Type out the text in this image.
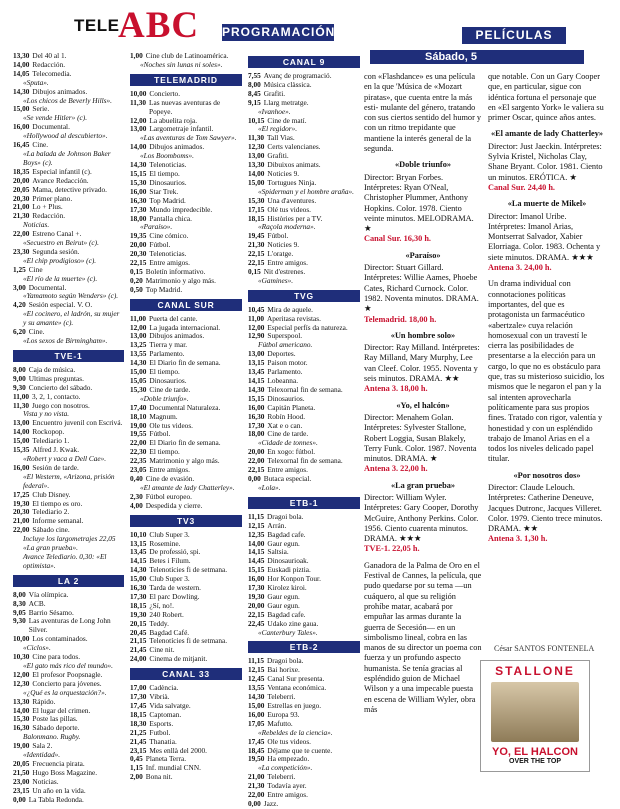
TELE
ABC PROGRAMACIÓN	PELÍCULAS
13,30 Del 40 al 1.
14,00 Redacción.
14,05 Telecomedia.
«Sputa».
14,30 Dibujos animados.
«Los chicos de Beverly Hills».
15,00 Serie.
«Se vende Hitler» (c).
16,00 Documental.
«Hollywood al descubierto».
16,45 Cine.
«La balada de Johnson Baker Boys» (c).
18,35 Especial infantil (c).
20,00 Avance Redacción.
20,05 Mama, detective privado.
20,30 Primer plano.
21,00 Lo + Plus.
21,30 Redacción.
Noticias.
22,00 Estreno Canal +.
«Secuestro en Beirut» (c).
23,30 Segunda sesión.
«El chip prodigioso» (c).
1,25 Cine
«El río de la muerte» (c).
3,00 Documental.
«Yamamoto según Wenders» (c).
4,20 Sesión especial. V. O.
«El cocinero, el ladrón, su mujer y su amante» (c).
6,20 Cine.
«Los sexos de Birmingham».
TVE-1
8,00 Caja de música.
9,00 Ultimas preguntas.
9,30 Concierto del sábado.
11,00 3, 2, 1, contacto.
11,30 Juego con nosotros.
Vista y no vista.
13,00 Encuentro juvenil con Escrivá.
14,00 Rockopop.
15,00 Telediario 1.
15,35 Alfred J. Kwak.
«Robert y vaca a Dell Cae».
16,00 Sesión de tarde.
«El Westerm, «Arizona, prisión federal».
17,25 Club Disney.
19,30 El tiempo es oro.
20,30 Telediario 2.
21,00 Informe semanal.
22,00 Sábado cine.
Incluye los largometrajes 22,05 «La gran prueba».
Avance Telediario. 0,30: «El optimista».
LA 2
8,00 Vía olímpica.
8,30 ACB.
9,05 Barrio Sésamo.
9,30 Las aventuras de Long John Silver.
10,00 Los contaminados.
«Ciclos».
10,30 Cine para todos.
«El gato más rico del mundo».
12,00 El profesor Poopsnagle.
12,30 Concierto para jóvenes.
«¿Qué es la orquestación?».
13,30 Rápido.
14,00 El lugar del crimen.
15,30 Poste las pillas.
16,30 Sábado deporte.
Balonmano. Rugby.
19,00 Sala 2.
«Identidad».
20,05 Frecuencia pirata.
21,50 Hugo Boss Magazine.
23,00 Noticias.
23,15 Un año en la vida.
0,00 La Tabla Redonda.
1,00 Cine club de Latinoamérica.
«Noches sin lunas ni soles».
TELEMADRID
10,00 Concierto.
11,30 Las nuevas aventuras de Popeye.
12,00 La abuelita roja.
13,00 Largometraje infantil.
«Las aventuras de Tom Sawyer».
14,00 Dibujos animados.
«Los Boomboms».
14,30 Telenoticias.
15,15 El tiempo.
15,30 Dinosaurios.
16,00 Star Trek.
16,30 Top Madrid.
17,30 Mundo impredecible.
18,00 Pantalla chica.
«Paraíso».
19,35 Cine cómico.
20,00 Fútbol.
20,30 Telenoticias.
22,15 Entre amigos.
0,15 Boletín informativo.
0,20 Matrimonio y algo más.
0,50 Top Madrid.
CANAL SUR
11,00 Puerta del cante.
12,00 La jugada internacional.
13,00 Dibujos animados.
13,25 Tierra y mar.
13,55 Parlamento.
14,30 El Diario fin de semana.
15,00 El tiempo.
15,05 Dinosaurios.
15,30 Cine de tarde.
«Doble triunfo».
17,40 Documental Naturaleza.
18,10 Magnum.
19,00 Ole tus videos.
19,55 Fútbol.
22,00 El Diario fin de semana.
22,30 El tiempo.
22,35 Matrimonio y algo más.
23,05 Entre amigos.
0,40 Cine de evasión.
«El amante de lady Chatterley».
2,30 Fútbol europeo.
4,00 Despedida y cierre.
TV3
10,10 Club Super 3.
13,15 Rosemine.
13,45 De professió, spi.
14,15 Betes i Filum.
14,30 Telenotícies fi de setmana.
15,00 Club Super 3.
16,30 Tarda de western.
17,30 El parc Dowling.
18,15 ¿Sí, no!.
19,30 240 Robert.
20,15 Teddy.
20,45 Bagdad Café.
21,15 Telenotícies fi de setmana.
21,45 Cine nit.
24,00 Cinema de mitjanit.
CANAL 33
17,00 Cadència.
17,30 Vibrià.
17,45 Vida salvatge.
18,15 Captoman.
18,30 Esports.
21,25 Futbol.
21,45 Thanatia.
23,15 Mes enllà del 2000.
0,45 Planeta Terra.
1,15 Inf. mundial CNN.
2,00 Bona nit.
CANAL 9
7,55 Avanç de programació.
8,00 Música clàssica.
8,45 Grafiti.
9,15 Llarg metratge.
«Ivanhoe».
10,15 Cine de matí.
«El regidor».
11,30 Tall Vias.
12,30 Certs valencianes.
13,00 Grafiti.
13,30 Dibuixos animats.
14,00 Noticies 9.
15,00 Tortugues Ninja.
«Spiderman y el hombre araña».
15,30 Una d'aventures.
17,15 Olé tus videos.
18,15 Històries per a TV.
«Raçola moderna».
19,45 Fútbol.
21,30 Noticies 9.
22,15 L'oratge.
22,15 Entre amigos.
0,15 Nit d'estrenes.
«Gamines».
TVG
10,45 Mira de aquele.
11,00 Aperitasa revistas.
12,00 Especial perfís da natureza.
12,90 Superspool.
Fútbol americano.
13,00 Deportes.
13,15 Paison motor.
13,45 Parlamento.
14,15 Lobeanna.
14,30 Telexornal fin de semana.
15,15 Dinosaurios.
16,00 Capitán Planeta.
16,30 Robín Hood.
17,30 Xat e o can.
18,00 Cine de tarde.
«Cidade de tonnes».
20,00 En xogo: fútbol.
22,00 Telexornal fin de semana.
22,15 Entre amigos.
0,00 Butaca especial.
«Lola».
ETB-1
11,15 Dragoi bola.
12,15 Arrán.
12,35 Bagdad cafe.
14,00 Gaur egun.
14,15 Saltsia.
14,45 Dinosaurioak.
15,15 Euskadi piztia.
16,00 Hor Konpon Tour.
17,30 Kirolez kiroi.
19,30 Gaur egun.
20,00 Gaur egun.
22,15 Bagdad cafe.
22,45 Udako zine gaua.
«Canterbury Tales».
ETB-2
11,15 Dragoi bola.
12,15 Bai horixe.
12,45 Canal Sur presenta.
13,55 Ventana económica.
14,30 Teleberri.
15,00 Estrellas en juego.
16,00 Europa 93.
17,05 Mafutto.
«Rebeldes de la ciencia».
17,45 Ole tus videos.
18,45 Déjame que te cuente.
19,50 Ha empezado.
«La competición».
21,00 Teleberri.
21,30 Todavía ayer.
22,00 Entre amigos.
0,00 Jazz.
Sábado, 5
con «Flashdance» es una película en la que 'Música de «Mozart piratas», que cuenta entre la más esti- mulante del género, tratando con sus ciertos sentido del humor y con un ritmo trepidante que mantiene la interés general de la segunda.
«Doble triunfo»
Director: Bryan Forbes. Intérpretes: Ryan O'Neal, Christopher Plummer, Anthony Hopkins. Color. 1978. Ciento veinte minutos. MELODRAMA. ★
Canal Sur. 16,30 h.
«Paraíso»
Director: Stuart Gillard. Intérpretes: Willie Aames, Phoebe Cates, Richard Curnock. Color. 1982. Noventa minutos. DRAMA. ★
Telemadrid. 18,00 h.
«Un hombre solo»
Director: Ray Milland. Intérpretes: Ray Milland, Mary Murphy, Lee van Cleef. Color. 1955. Noventa y seis minutos. DRAMA. ★★
Antena 3. 18,00 h.
«Yo, el halcón»
Director: Menahem Golan. Intérpretes: Sylvester Stallone, Robert Loggia, Susan Blakely, Terry Funk. Color. 1987. Noventa minutos. DRAMA. ★
Antena 3. 22,00 h.
«La gran prueba»
Director: William Wyler. Intérpretes: Gary Cooper, Dorothy McGuire, Anthony Perkins. Color. 1956. Ciento cuarenta minutos. DRAMA. ★★★
TVE-1. 22,05 h.
Ganadora de la Palma de Oro en el Festival de Cannes, la película, que pudo quedarse por su tema —un cuáquero, al que su religión prohíbe matar, acabará por empuñar las armas durante la guerra de Secesión— en un simbolismo lineal, cobra en las manos de su director un poema con fuerza y un profundo aspecto humanista. Se tenía gracias al espléndido guion de Michael Wilson y a una impecable puesta en escena de William Wyler, obra más
que notable. Con un Gary Cooper que, en particular, sigue con idéntica fortuna el personaje que en «El sargento York» le valiera su primer Oscar, quince años antes.
«El amante de lady Chatterley»
Director: Just Jaeckin. Intérpretes: Sylvia Kristel, Nicholas Clay, Shane Bryant. Color. 1981. Ciento un minutos. ERÓTICA. ★
Canal Sur. 24,40 h.
«La muerte de Mikel»
Director: Imanol Uribe. Intérpretes: Imanol Arias, Montserrat Salvador, Xabier Elorriaga. Color. 1983. Ochenta y siete minutos. DRAMA. ★★★
Antena 3. 24,00 h.
Un drama individual con connotaciones políticas importantes, del que es protagonista un farmacéutico «abertzale» cuya relación homosexual con un travestí le cierra las posibilidades de presentarse a la elección para un cargo, lo que no es obstáculo para que, tras su misterioso suicidio, los mismos que le negaron el pan y la sal intenten aprovecharla políticamente para sus propios fines. Tratado con rigor, valentía y honestidad y con un espléndido trabajo de Imanol Arias en el a todos los niveles delicado papel titular.
«Por nosotros dos»
Director: Claude Lelouch. Intérpretes: Catherine Deneuve, Jacques Dutronc, Jacques Villeret. Color. 1979. Ciento trece minutos. DRAMA. ★★
Antena 3. 1,30 h.
César SANTOS FONTENELA
STALLONE
YO, EL HALCON
OVER THE TOP
